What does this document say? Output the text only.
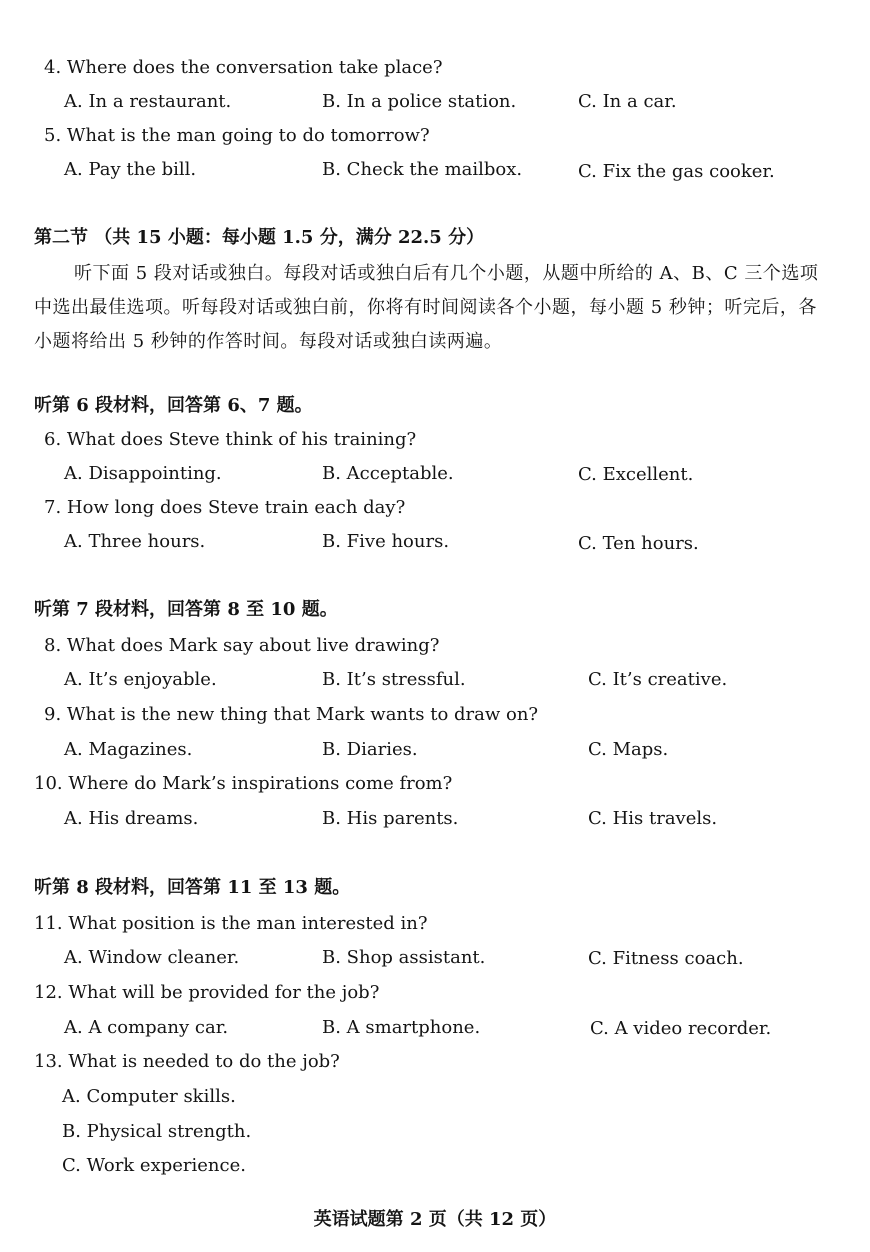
4. Where does the conversation take place?
A. In a restaurant.	B. In a police station.	C. In a car.
5. What is the man going to do tomorrow?
A. Pay the bill.	B. Check the mailbox.	C. Fix the gas cooker.
第二节 （共 15 小题：每小题 1.5 分，满分 22.5 分）
听下面 5 段对话或独白。每段对话或独白后有几个小题，从题中所给的 A、B、C 三个选项中选出最佳选项。听每段对话或独白前，你将有时间阅读各个小题，每小题 5 秒钟；听完后，各小题将给出 5 秒钟的作答时间。每段对话或独白读两遍。
听第 6 段材料，回答第 6、7 题。
6. What does Steve think of his training?
A. Disappointing.	B. Acceptable.	C. Excellent.
7. How long does Steve train each day?
A. Three hours.	B. Five hours.	C. Ten hours.
听第 7 段材料，回答第 8 至 10 题。
8. What does Mark say about live drawing?
A. It’s enjoyable.	B. It’s stressful.	C. It’s creative.
9. What is the new thing that Mark wants to draw on?
A. Magazines.	B. Diaries.	C. Maps.
10. Where do Mark’s inspirations come from?
A. His dreams.	B. His parents.	C. His travels.
听第 8 段材料，回答第 11 至 13 题。
11. What position is the man interested in?
A. Window cleaner.	B. Shop assistant.	C. Fitness coach.
12. What will be provided for the job?
A. A company car.	B. A smartphone.	C. A video recorder.
13. What is needed to do the job?
A. Computer skills.
B. Physical strength.
C. Work experience.
英语试题第 2 页（共 12 页）
